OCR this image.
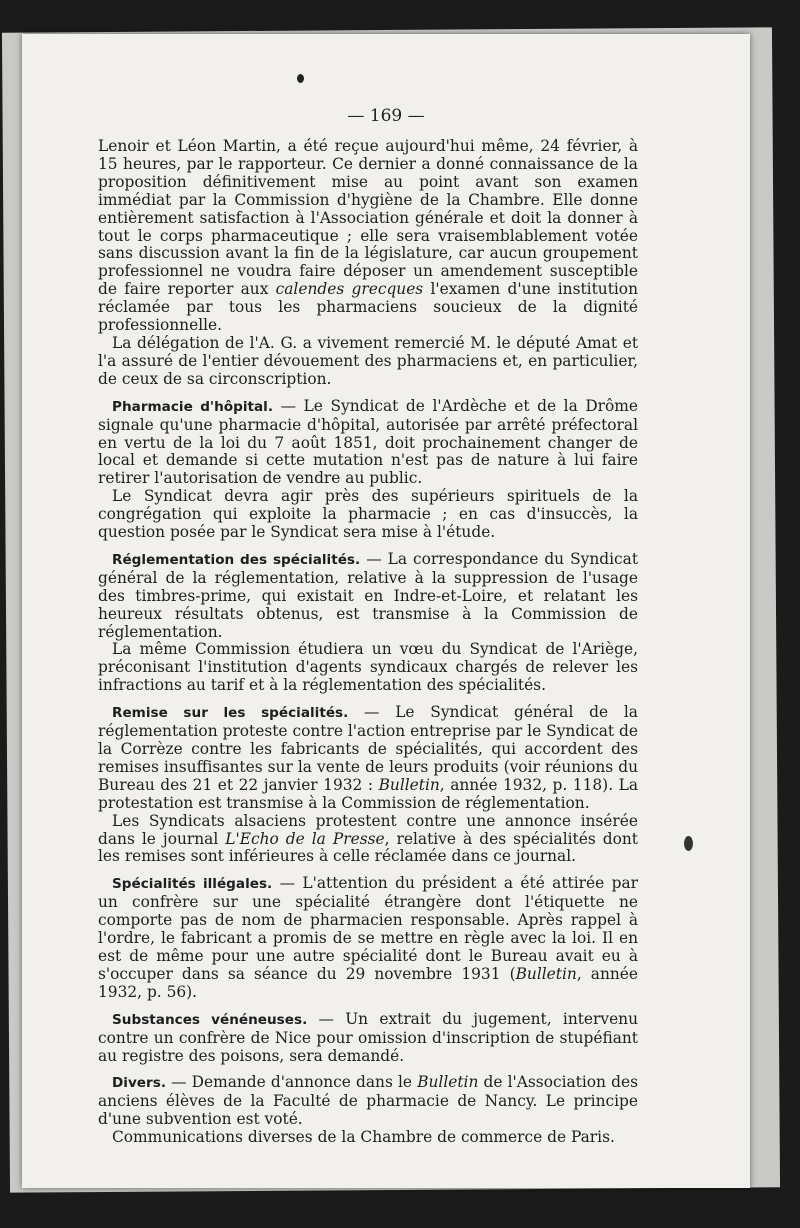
— 169 —

Lenoir et Léon Martin, a été reçue aujourd'hui même, 24 février, à 15 heures, par le rapporteur. Ce dernier a donné connaissance de la proposition définitivement mise au point avant son examen immédiat par la Commission d'hygiène de la Chambre. Elle donne entièrement satisfaction à l'Association générale et doit la donner à tout le corps pharmaceutique ; elle sera vraisemblablement votée sans discussion avant la fin de la législature, car aucun groupement professionnel ne voudra faire déposer un amendement susceptible de faire reporter aux calendes grecques l'examen d'une institution réclamée par tous les pharmaciens soucieux de la dignité professionnelle.

La délégation de l'A. G. a vivement remercié M. le député Amat et l'a assuré de l'entier dévouement des pharmaciens et, en particulier, de ceux de sa circonscription.

Pharmacie d'hôpital. — Le Syndicat de l'Ardèche et de la Drôme signale qu'une pharmacie d'hôpital, autorisée par arrêté préfectoral en vertu de la loi du 7 août 1851, doit prochainement changer de local et demande si cette mutation n'est pas de nature à lui faire retirer l'autorisation de vendre au public.

Le Syndicat devra agir près des supérieurs spirituels de la congrégation qui exploite la pharmacie ; en cas d'insuccès, la question posée par le Syndicat sera mise à l'étude.

Réglementation des spécialités. — La correspondance du Syndicat général de la réglementation, relative à la suppression de l'usage des timbres-prime, qui existait en Indre-et-Loire, et relatant les heureux résultats obtenus, est transmise à la Commission de réglementation.

La même Commission étudiera un vœu du Syndicat de l'Ariège, préconisant l'institution d'agents syndicaux chargés de relever les infractions au tarif et à la réglementation des spécialités.

Remise sur les spécialités. — Le Syndicat général de la réglementation proteste contre l'action entreprise par le Syndicat de la Corrèze contre les fabricants de spécialités, qui accordent des remises insuffisantes sur la vente de leurs produits (voir réunions du Bureau des 21 et 22 janvier 1932 : Bulletin, année 1932, p. 118). La protestation est transmise à la Commission de réglementation.

Les Syndicats alsaciens protestent contre une annonce insérée dans le journal L'Echo de la Presse, relative à des spécialités dont les remises sont inférieures à celle réclamée dans ce journal.

Spécialités illégales. — L'attention du président a été attirée par un confrère sur une spécialité étrangère dont l'étiquette ne comporte pas de nom de pharmacien responsable. Après rappel à l'ordre, le fabricant a promis de se mettre en règle avec la loi. Il en est de même pour une autre spécialité dont le Bureau avait eu à s'occuper dans sa séance du 29 novembre 1931 (Bulletin, année 1932, p. 56).

Substances vénéneuses. — Un extrait du jugement, intervenu contre un confrère de Nice pour omission d'inscription de stupéfiant au registre des poisons, sera demandé.

Divers. — Demande d'annonce dans le Bulletin de l'Association des anciens élèves de la Faculté de pharmacie de Nancy. Le principe d'une subvention est voté.

Communications diverses de la Chambre de commerce de Paris.
